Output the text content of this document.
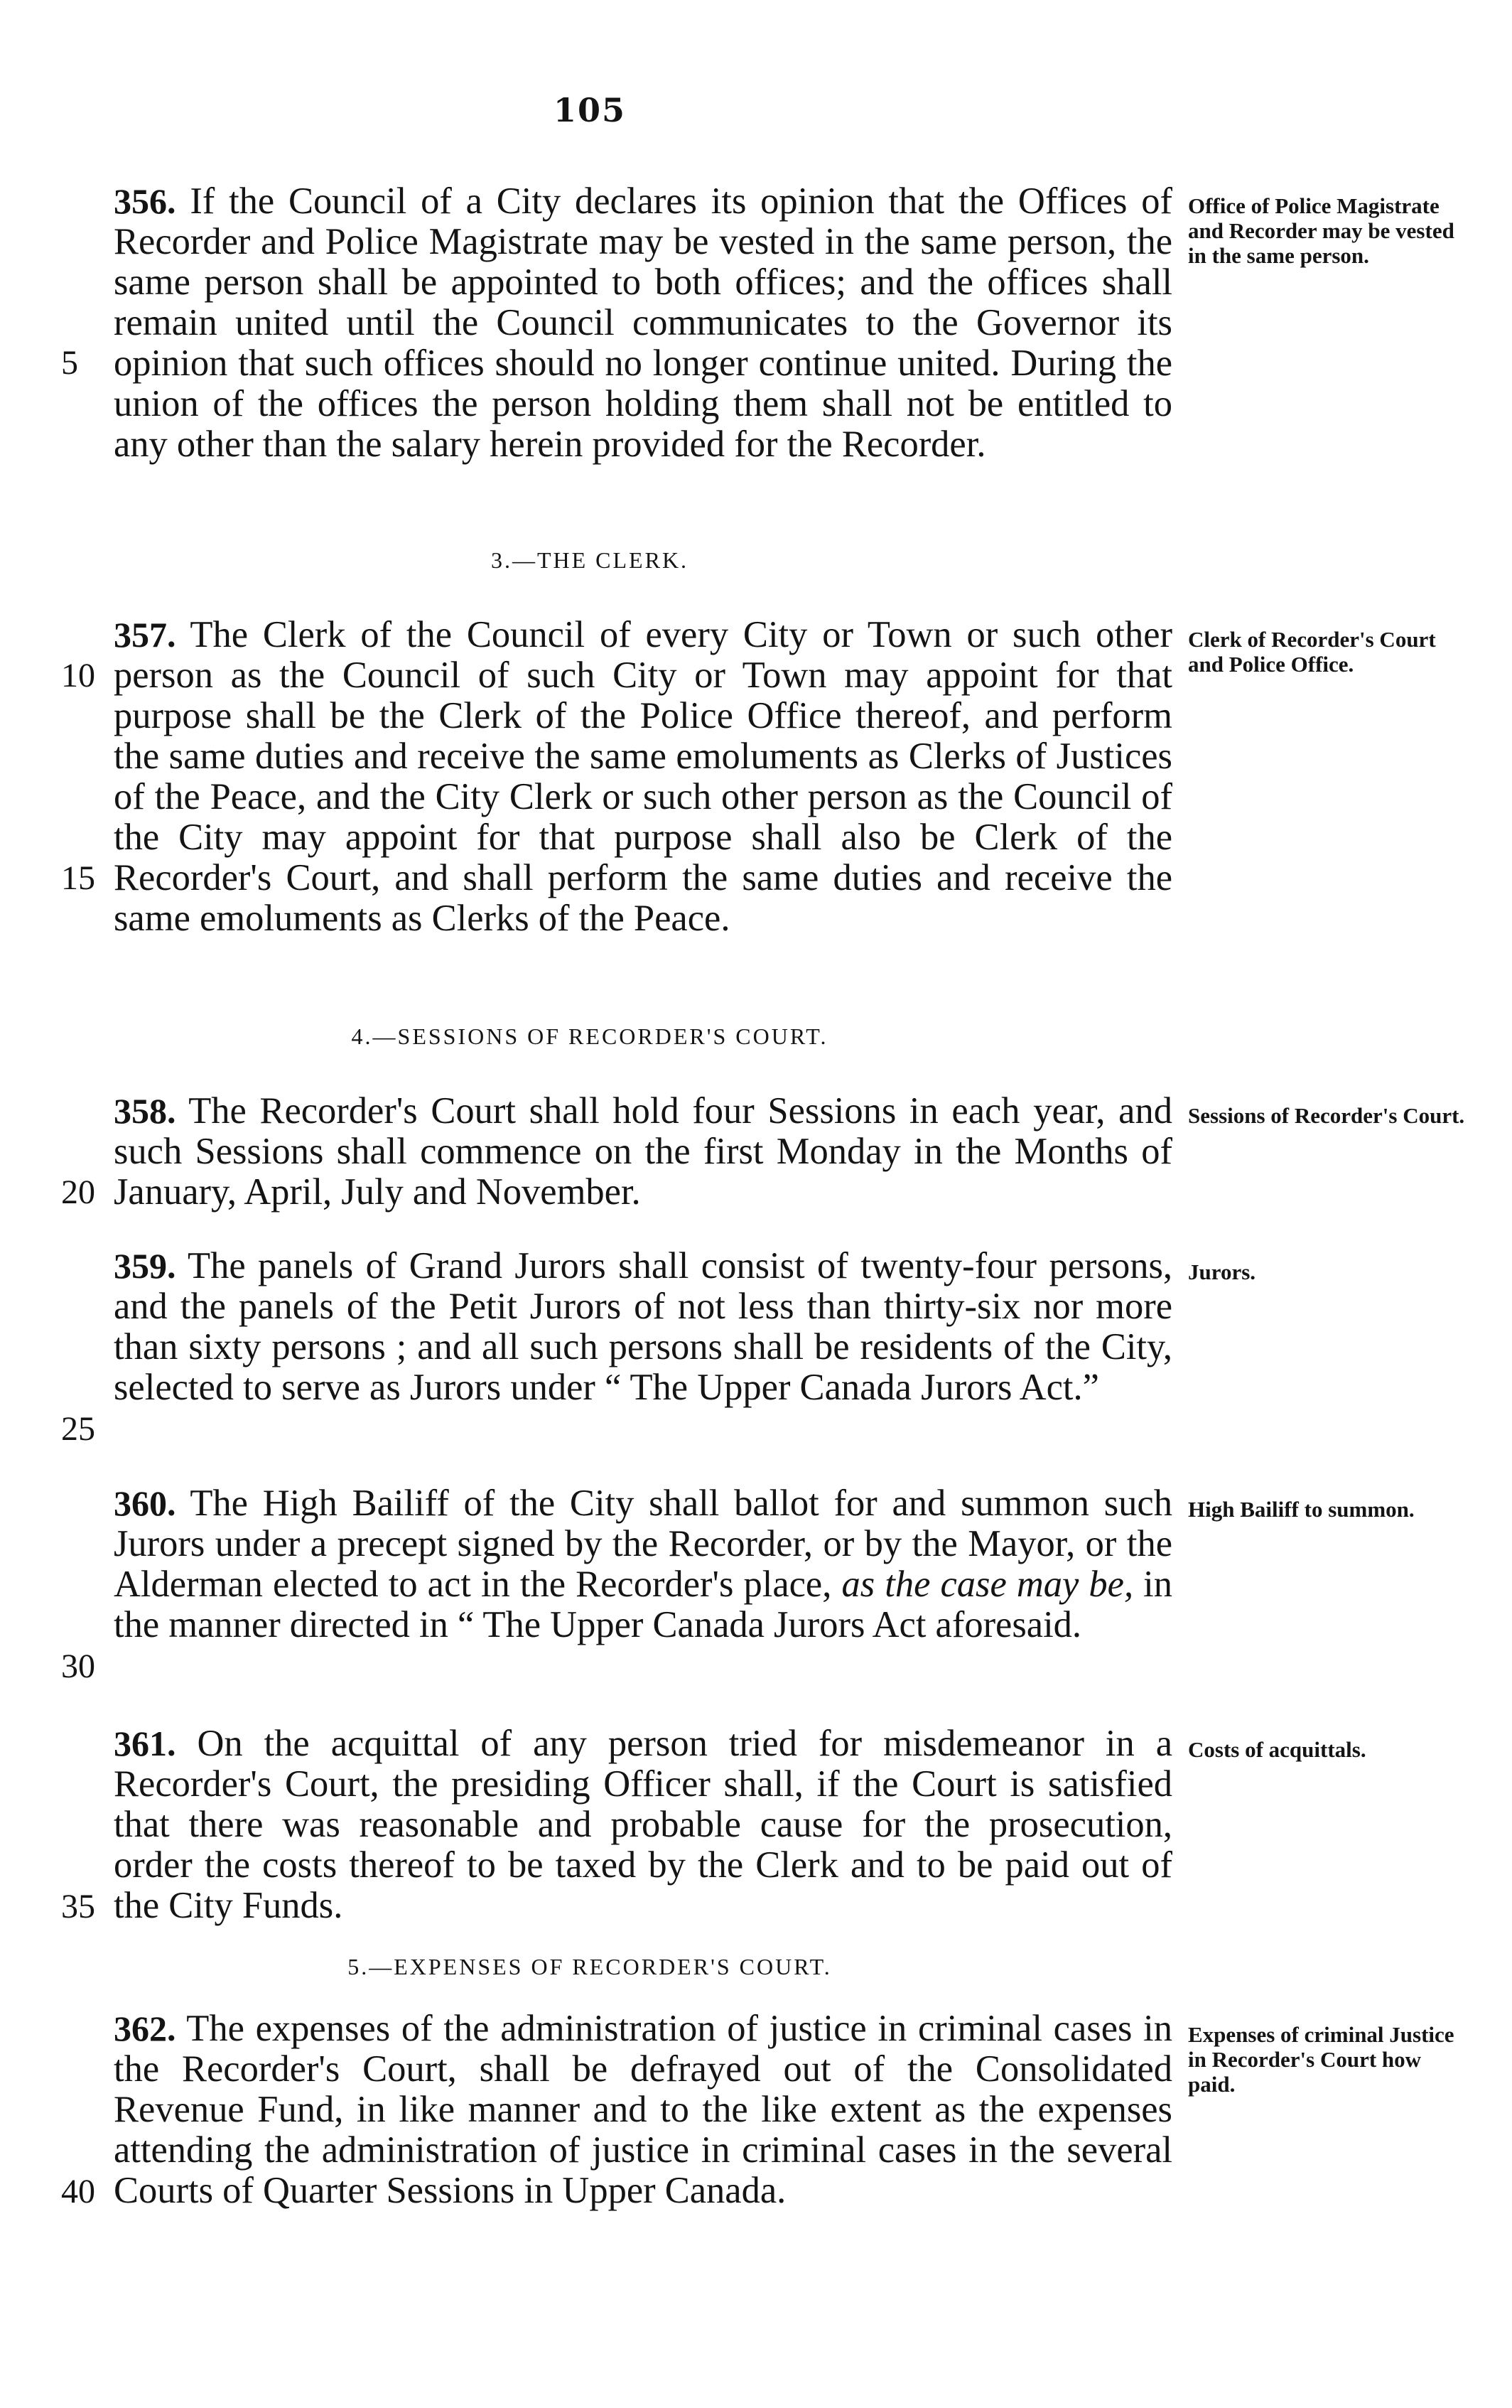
105
356. If the Council of a City declares its opinion that the Offices of Recorder and Police Magistrate may be vested in the same person, the same person shall be appointed to both offices; and the offices shall remain united until the Council communicates to the Governor its opinion that such offices should no longer continue united. During the union of the offices the person holding them shall not be entitled to any other than the salary herein provided for the Recorder.
Office of Police Magistrate and Recorder may be vested in the same person.
3.—THE CLERK.
357. The Clerk of the Council of every City or Town or such other person as the Council of such City or Town may appoint for that purpose shall be the Clerk of the Police Office thereof, and perform the same duties and receive the same emoluments as Clerks of Justices of the Peace, and the City Clerk or such other person as the Council of the City may appoint for that purpose shall also be Clerk of the Recorder's Court, and shall perform the same duties and receive the same emoluments as Clerks of the Peace.
Clerk of Recorder's Court and Police Office.
4.—SESSIONS OF RECORDER'S COURT.
358. The Recorder's Court shall hold four Sessions in each year, and such Sessions shall commence on the first Monday in the Months of January, April, July and November.
Sessions of Recorder's Court.
359. The panels of Grand Jurors shall consist of twenty-four persons, and the panels of the Petit Jurors of not less than thirty-six nor more than sixty persons ; and all such persons shall be residents of the City, selected to serve as Jurors under “ The Upper Canada Jurors Act.”
Jurors.
360. The High Bailiff of the City shall ballot for and summon such Jurors under a precept signed by the Recorder, or by the Mayor, or the Alderman elected to act in the Recorder's place, as the case may be, in the manner directed in “ The Upper Canada Jurors Act aforesaid.
High Bailiff to summon.
361. On the acquittal of any person tried for misdemeanor in a Recorder's Court, the presiding Officer shall, if the Court is satisfied that there was reasonable and probable cause for the prosecution, order the costs thereof to be taxed by the Clerk and to be paid out of the City Funds.
Costs of acquittals.
5.—EXPENSES OF RECORDER'S COURT.
362. The expenses of the administration of justice in criminal cases in the Recorder's Court, shall be defrayed out of the Consolidated Revenue Fund, in like manner and to the like extent as the expenses attending the administration of justice in criminal cases in the several Courts of Quarter Sessions in Upper Canada.
Expenses of criminal Justice in Recorder's Court how paid.
5
10
15
20
25
30
35
40
